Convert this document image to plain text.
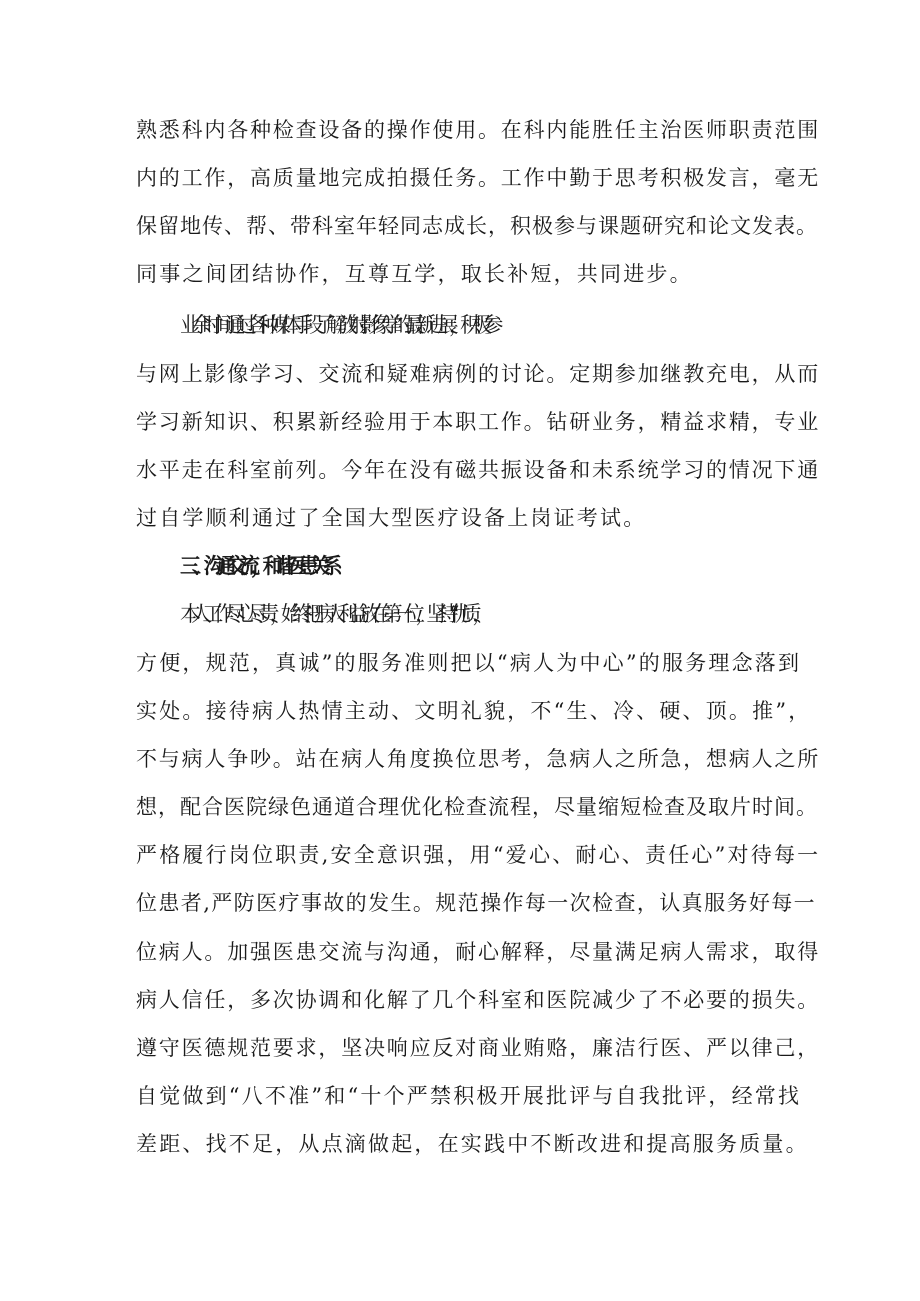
熟悉科内各种检查设备的操作使用。在科内能胜任主治医师职责范围
内的工作，高质量地完成拍摄任务。工作中勤于思考积极发言，毫无
保留地传、帮、带科室年轻同志成长，积极参与课题研究和论文发表。
同事之间团结协作，互尊互学，取长补短，共同进步。
业余时间通过各种媒体手段了解放射影像学的最新进展，积极参
与网上影像学习、交流和疑难病例的讨论。定期参加继教充电，从而
学习新知识、积累新经验用于本职工作。钻研业务，精益求精，专业
水平走在科室前列。今年在没有磁共振设备和未系统学习的情况下通
过自学顺利通过了全国大型医疗设备上岗证考试。
三、沟通交流，和谐医患关系
本人工作尽心尽责，始终把病人利益放在第一位，坚持“优质，
方便，规范，真诚”的服务准则把以“病人为中心”的服务理念落到
实处。接待病人热情主动、文明礼貌，不“生、冷、硬、顶。推”，
不与病人争吵。站在病人角度换位思考，急病人之所急，想病人之所
想，配合医院绿色通道合理优化检查流程，尽量缩短检查及取片时间。
严格履行岗位职责,安全意识强，用“爱心、耐心、责任心”对待每一
位患者,严防医疗事故的发生。规范操作每一次检查，认真服务好每一
位病人。加强医患交流与沟通，耐心解释，尽量满足病人需求，取得
病人信任，多次协调和化解了几个科室和医院减少了不必要的损失。
遵守医德规范要求，坚决响应反对商业贿赂，廉洁行医、严以律己，
自觉做到“八不准”和“十个严禁积极开展批评与自我批评，经常找
差距、找不足，从点滴做起，在实践中不断改进和提高服务质量。
